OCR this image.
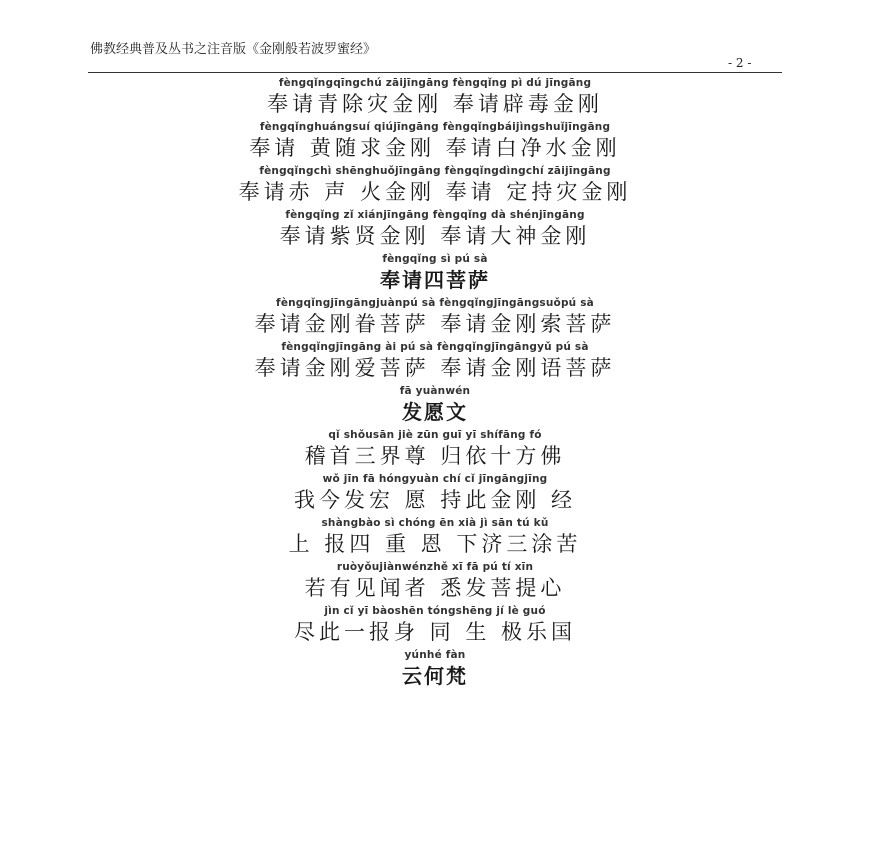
佛教经典普及丛书之注音版《金刚般若波罗蜜经》
- 2 -
fèngqǐngqīngchú zāijīngāng fèngqǐng pì dú jīngāng
奉请青除灾金刚 奉请辟毒金刚
fèngqǐnghuángsuí qiújīngāng fèngqǐngbáijìngshuǐjīngāng
奉请 黄随求金刚 奉请白净水金刚
fèngqǐngchì shēnghuǒjīngāng fèngqǐngdìngchí zāijīngāng
奉请赤 声 火金刚 奉请 定持灾金刚
fèngqǐng zǐ xiánjīngāng fèngqǐng dà shénjīngāng
奉请紫贤金刚 奉请大神金刚
fèngqǐng sì pú sà
奉请四菩萨
fèngqǐngjīngāngjuànpú sà fèngqǐngjīngāngsuǒpú sà
奉请金刚眷菩萨 奉请金刚索菩萨
fèngqǐngjīngāng ài pú sà fèngqǐngjīngāngyǔ pú sà
奉请金刚爱菩萨 奉请金刚语菩萨
fā yuànwén
发愿文
qǐ shǒusān jiè zūn guī yī shífāng fó
稽首三界尊 归依十方佛
wǒ jīn fā hóngyuàn chí cǐ jīngāngjīng
我今发宏 愿 持此金刚 经
shàngbào sì chóng ēn xià jì sān tú kǔ
上 报四 重 恩 下济三涂苦
ruòyǒujiànwénzhě xī fā pú tí xīn
若有见闻者 悉发菩提心
jìn cǐ yī bàoshēn tóngshēng jí lè guó
尽此一报身 同 生 极乐国
yúnhé fàn
云何梵
